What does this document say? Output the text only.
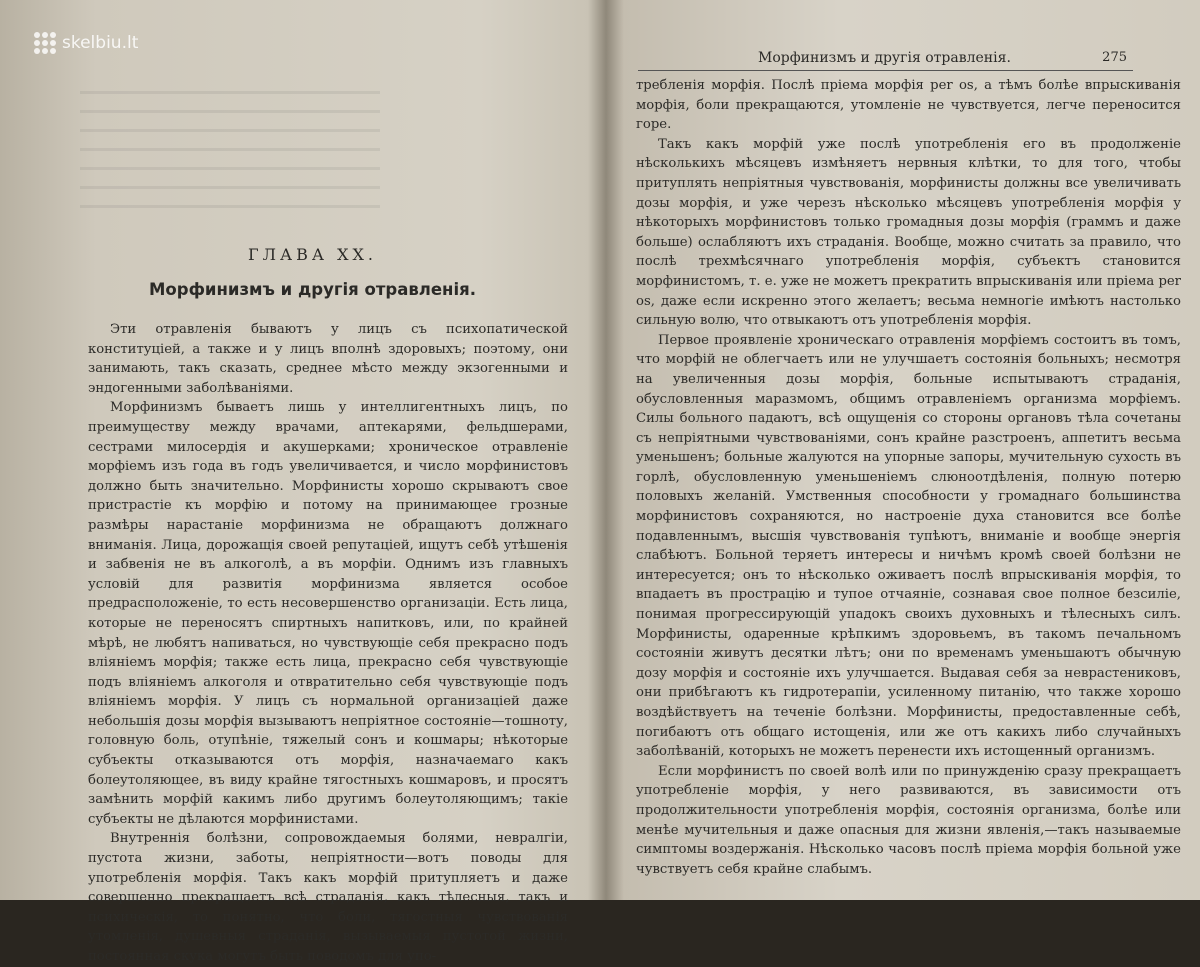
skelbiu.lt
ГЛАВА XX.
Морфинизмъ и другія отравленія.

Эти отравленія бываютъ у лицъ съ психопатической конституціей, а также и у лицъ вполнѣ здоровыхъ; поэтому, они занимають, такъ сказать, среднее мѣсто между экзогенными и эндогенными заболѣваніями.

Морфинизмъ бываетъ лишь у интеллигентныхъ лицъ, по преимуществу между врачами, аптекарями, фельдшерами, сестрами милосердія и акушерками; хроническое отравленіе морфіемъ изъ года въ годъ увеличивается, и число морфинистовъ должно быть значительно. Морфинисты хорошо скрываютъ свое пристрастіе къ морфію и потому на принимающее грозные размѣры нарастаніе морфинизма не обращаютъ должнаго вниманія. Лица, дорожащія своей репутаціей, ищутъ себѣ утѣшенія и забвенія не въ алкоголѣ, а въ морфіи. Однимъ изъ главныхъ условій для развитія морфинизма является особое предрасположеніе, то есть несовершенство организаціи. Есть лица, которые не переносятъ спиртныхъ напитковъ, или, по крайней мѣрѣ, не любятъ напиваться, но чувствующіе себя прекрасно подъ вліяніемъ морфія; также есть лица, прекрасно себя чувствующіе подъ вліяніемъ алкоголя и отвратительно себя чувствующіе подъ вліяніемъ морфія. У лицъ съ нормальной организаціей даже небольшія дозы морфія вызываютъ непріятное состояніе—тошноту, головную боль, отупѣніе, тяжелый сонъ и кошмары; нѣкоторые субъекты отказываются отъ морфія, назначаемаго какъ болеутоляющее, въ виду крайне тягостныхъ кошмаровъ, и просятъ замѣнить морфій какимъ либо другимъ болеутоляющимъ; такіе субъекты не дѣлаются морфинистами.

Внутреннія болѣзни, сопровождаемыя болями, невралгіи, пустота жизни, заботы, непріятности—вотъ поводы для употребленія морфія. Такъ какъ морфій притупляетъ и даже совершенно прекращаетъ всѣ страданія, какъ тѣлесныя, такъ и психическія, то понятно, что боли, тягостныя чувствованія утомленія, душевныя страданія, вызываемыя пустотой жизни, постоянная скука могутъ быть поводомъ для упо-

Морфинизмъ и другія отравленія.	275

требленія морфія. Послѣ пріема морфія per os, а тѣмъ болѣе впрыскиванія морфія, боли прекращаются, утомленіе не чувствуется, легче переносится горе.

Такъ какъ морфій уже послѣ употребленія его въ продолженіе нѣсколькихъ мѣсяцевъ измѣняетъ нервныя клѣтки, то для того, чтобы притуплять непріятныя чувствованія, морфинисты должны все увеличивать дозы морфія, и уже черезъ нѣсколько мѣсяцевъ употребленія морфія у нѣкоторыхъ морфинистовъ только громадныя дозы морфія (граммъ и даже больше) ослабляютъ ихъ страданія. Вообще, можно считать за правило, что послѣ трехмѣсячнаго употребленія морфія, субъектъ становится морфинистомъ, т. е. уже не можетъ прекратить впрыскиванія или пріема per os, даже если искренно этого желаетъ; весьма немногіе имѣютъ настолько сильную волю, что отвыкаютъ отъ употребленія морфія.

Первое проявленіе хроническаго отравленія морфіемъ состоитъ въ томъ, что морфій не облегчаетъ или не улучшаетъ состоянія больныхъ; несмотря на увеличенныя дозы морфія, больные испытываютъ страданія, обусловленныя маразмомъ, общимъ отравленіемъ организма морфіемъ. Силы больного падаютъ, всѣ ощущенія со стороны органовъ тѣла сочетаны съ непріятными чувствованіями, сонъ крайне разстроенъ, аппетитъ весьма уменьшенъ; больные жалуются на упорные запоры, мучительную сухость въ горлѣ, обусловленную уменьшеніемъ слюноотдѣленія, полную потерю половыхъ желаній. Умственныя способности у громаднаго большинства морфинистовъ сохраняются, но настроеніе духа становится все болѣе подавленнымъ, высшія чувствованія тупѣютъ, вниманіе и вообще энергія слабѣютъ. Больной теряетъ интересы и ничѣмъ кромѣ своей болѣзни не интересуется; онъ то нѣсколько оживаетъ послѣ впрыскиванія морфія, то впадаетъ въ прострацію и тупое отчаяніе, сознавая свое полное безсиліе, понимая прогрессирующій упадокъ своихъ духовныхъ и тѣлесныхъ силъ. Морфинисты, одаренные крѣпкимъ здоровьемъ, въ такомъ печальномъ состояніи живутъ десятки лѣтъ; они по временамъ уменьшаютъ обычную дозу морфія и состояніе ихъ улучшается. Выдавая себя за неврастениковъ, они прибѣгаютъ къ гидротерапіи, усиленному питанію, что также хорошо воздѣйствуетъ на теченіе болѣзни. Морфинисты, предоставленные себѣ, погибаютъ отъ общаго истощенія, или же отъ какихъ либо случайныхъ заболѣваній, которыхъ не можетъ перенести ихъ истощенный организмъ.

Если морфинистъ по своей волѣ или по принужденію сразу прекращаетъ употребленіе морфія, у него развиваются, въ зависимости отъ продолжительности употребленія морфія, состоянія организма, болѣе или менѣе мучительныя и даже опасныя для жизни явленія,—такъ называемые симптомы воздержанія. Нѣсколько часовъ послѣ пріема морфія больной уже чувствуетъ себя крайне слабымъ.
